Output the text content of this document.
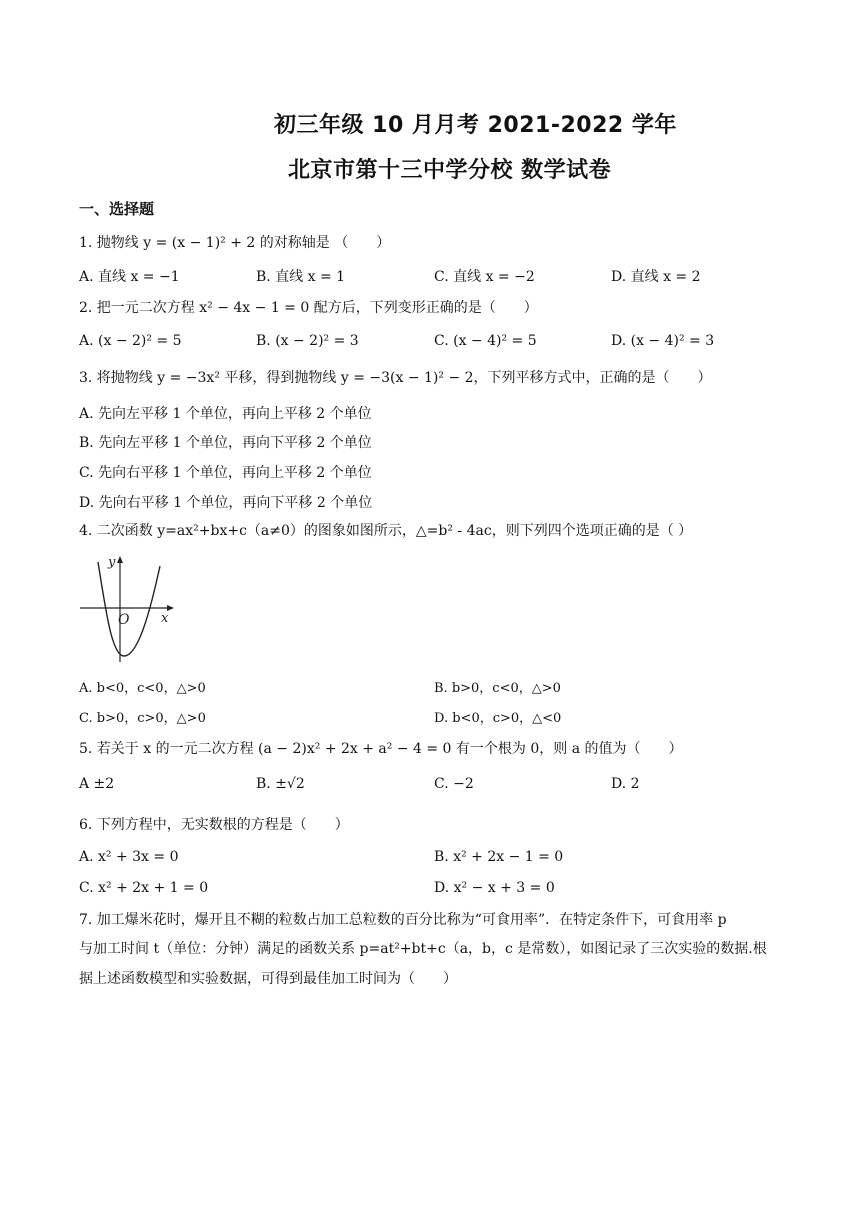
初三年级 10 月月考 2021-2022 学年
北京市第十三中学分校 数学试卷
一、选择题
1. 抛物线 y = (x − 1)² + 2 的对称轴是 （　　）
A. 直线 x = −1	B. 直线 x = 1	C. 直线 x = −2	D. 直线 x = 2
2. 把一元二次方程 x² − 4x − 1 = 0 配方后，下列变形正确的是（　　）
A. (x − 2)² = 5	B. (x − 2)² = 3	C. (x − 4)² = 5	D. (x − 4)² = 3
3. 将抛物线 y = −3x² 平移，得到抛物线 y = −3(x − 1)² − 2，下列平移方式中，正确的是（　　）
A. 先向左平移 1 个单位，再向上平移 2 个单位
B. 先向左平移 1 个单位，再向下平移 2 个单位
C. 先向右平移 1 个单位，再向上平移 2 个单位
D. 先向右平移 1 个单位，再向下平移 2 个单位
4. 二次函数 y=ax²+bx+c（a≠0）的图象如图所示，△=b² - 4ac，则下列四个选项正确的是（ ）
y
x
O
A. b<0，c<0，△>0	B. b>0，c<0，△>0
C. b>0，c>0，△>0	D. b<0，c>0，△<0
5. 若关于 x 的一元二次方程 (a − 2)x² + 2x + a² − 4 = 0 有一个根为 0，则 a 的值为（　　）
A ±2	B. ±√2	C. −2	D. 2
6. 下列方程中，无实数根的方程是（　　）
A. x² + 3x = 0	B. x² + 2x − 1 = 0
C. x² + 2x + 1 = 0	D. x² − x + 3 = 0
7. 加工爆米花时，爆开且不糊的粒数占加工总粒数的百分比称为“可食用率”．在特定条件下，可食用率 p
与加工时间 t（单位：分钟）满足的函数关系 p=at²+bt+c（a，b，c 是常数），如图记录了三次实验的数据.根
据上述函数模型和实验数据，可得到最佳加工时间为（　　）
